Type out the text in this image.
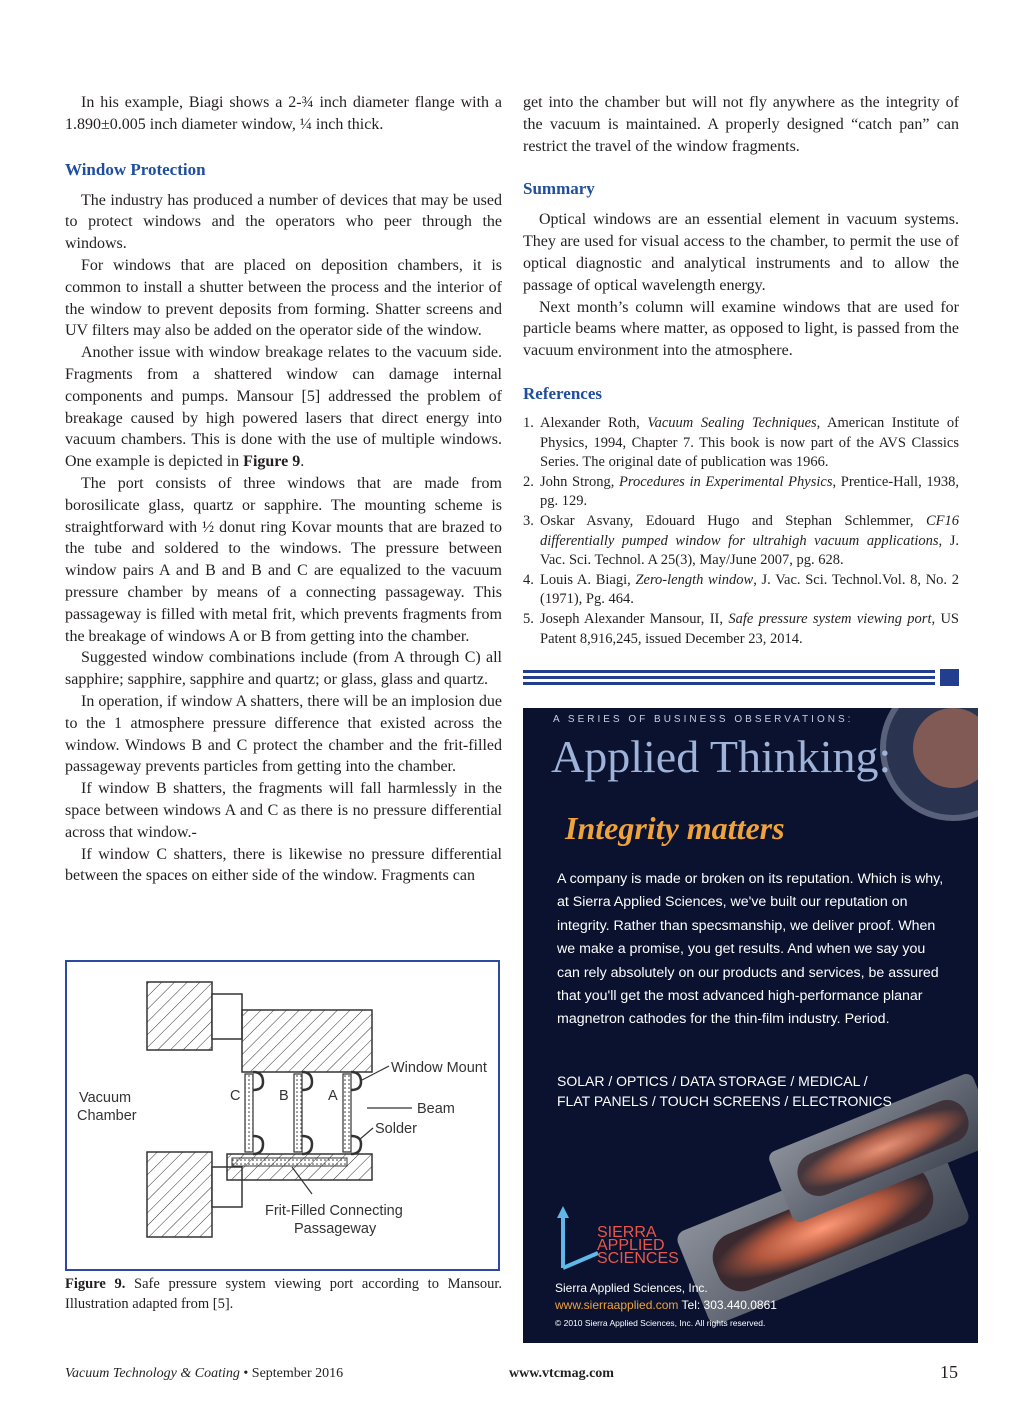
In his example, Biagi shows a 2-¾ inch diameter flange with a 1.890±0.005 inch diameter window, ¼ inch thick.

Window Protection

The industry has produced a number of devices that may be used to protect windows and the operators who peer through the windows.

For windows that are placed on deposition chambers, it is common to install a shutter between the process and the interior of the window to prevent deposits from forming. Shatter screens and UV filters may also be added on the operator side of the window.

Another issue with window breakage relates to the vacuum side. Fragments from a shattered window can damage internal components and pumps. Mansour [5] addressed the problem of breakage caused by high powered lasers that direct energy into vacuum chambers. This is done with the use of multiple windows. One example is depicted in Figure 9.

The port consists of three windows that are made from borosilicate glass, quartz or sapphire. The mounting scheme is straightforward with ½ donut ring Kovar mounts that are brazed to the tube and soldered to the windows. The pressure between window pairs A and B and B and C are equalized to the vacuum pressure chamber by means of a connecting passageway. This passageway is filled with metal frit, which prevents fragments from the breakage of windows A or B from getting into the chamber.

Suggested window combinations include (from A through C) all sapphire; sapphire, sapphire and quartz; or glass, glass and quartz.

In operation, if window A shatters, there will be an implosion due to the 1 atmosphere pressure difference that existed across the window. Windows B and C protect the chamber and the frit-filled passageway prevents particles from getting into the chamber.

If window B shatters, the fragments will fall harmlessly in the space between windows A and C as there is no pressure differential across that window.-

If window C shatters, there is likewise no pressure differential between the spaces on either side of the window. Fragments can

Vacuum
Chamber
C	B	A
Window Mount
Beam
Solder
Frit-Filled Connecting
Passageway
Figure 9. Safe pressure system viewing port according to Mansour. Illustration adapted from [5].

get into the chamber but will not fly anywhere as the integrity of the vacuum is maintained. A properly designed “catch pan” can restrict the travel of the window fragments.

Summary

Optical windows are an essential element in vacuum systems. They are used for visual access to the chamber, to permit the use of optical diagnostic and analytical instruments and to allow the passage of optical wavelength energy.

Next month’s column will examine windows that are used for particle beams where matter, as opposed to light, is passed from the vacuum environment into the atmosphere.

References
1. Alexander Roth, Vacuum Sealing Techniques, American Institute of Physics, 1994, Chapter 7. This book is now part of the AVS Classics Series. The original date of publication was 1966.
2. John Strong, Procedures in Experimental Physics, Prentice-Hall, 1938, pg. 129.
3. Oskar Asvany, Edouard Hugo and Stephan Schlemmer, CF16 differentially pumped window for ultrahigh vacuum applications, J. Vac. Sci. Technol. A 25(3), May/June 2007, pg. 628.
4. Louis A. Biagi, Zero-length window, J. Vac. Sci. Technol.Vol. 8, No. 2 (1971), Pg. 464.
5. Joseph Alexander Mansour, II, Safe pressure system viewing port, US Patent 8,916,245, issued December 23, 2014.
A SERIES OF BUSINESS OBSERVATIONS:
Applied Thinking:
Integrity matters
A company is made or broken on its reputation. Which is why, at Sierra Applied Sciences, we've built our reputation on integrity. Rather than specsmanship, we deliver proof. When we make a promise, you get results. And when we say you can rely absolutely on our products and services, be assured that you'll get the most advanced high-performance planar magnetron cathodes for the thin-film industry. Period.
SOLAR / OPTICS / DATA STORAGE / MEDICAL /
FLAT PANELS / TOUCH SCREENS / ELECTRONICS
SIERRA
APPLIED
SCIENCES
Sierra Applied Sciences, Inc.
www.sierraapplied.com Tel: 303.440.0861
© 2010 Sierra Applied Sciences, Inc. All rights reserved.
Vacuum Technology & Coating • September 2016	www.vtcmag.com	15
